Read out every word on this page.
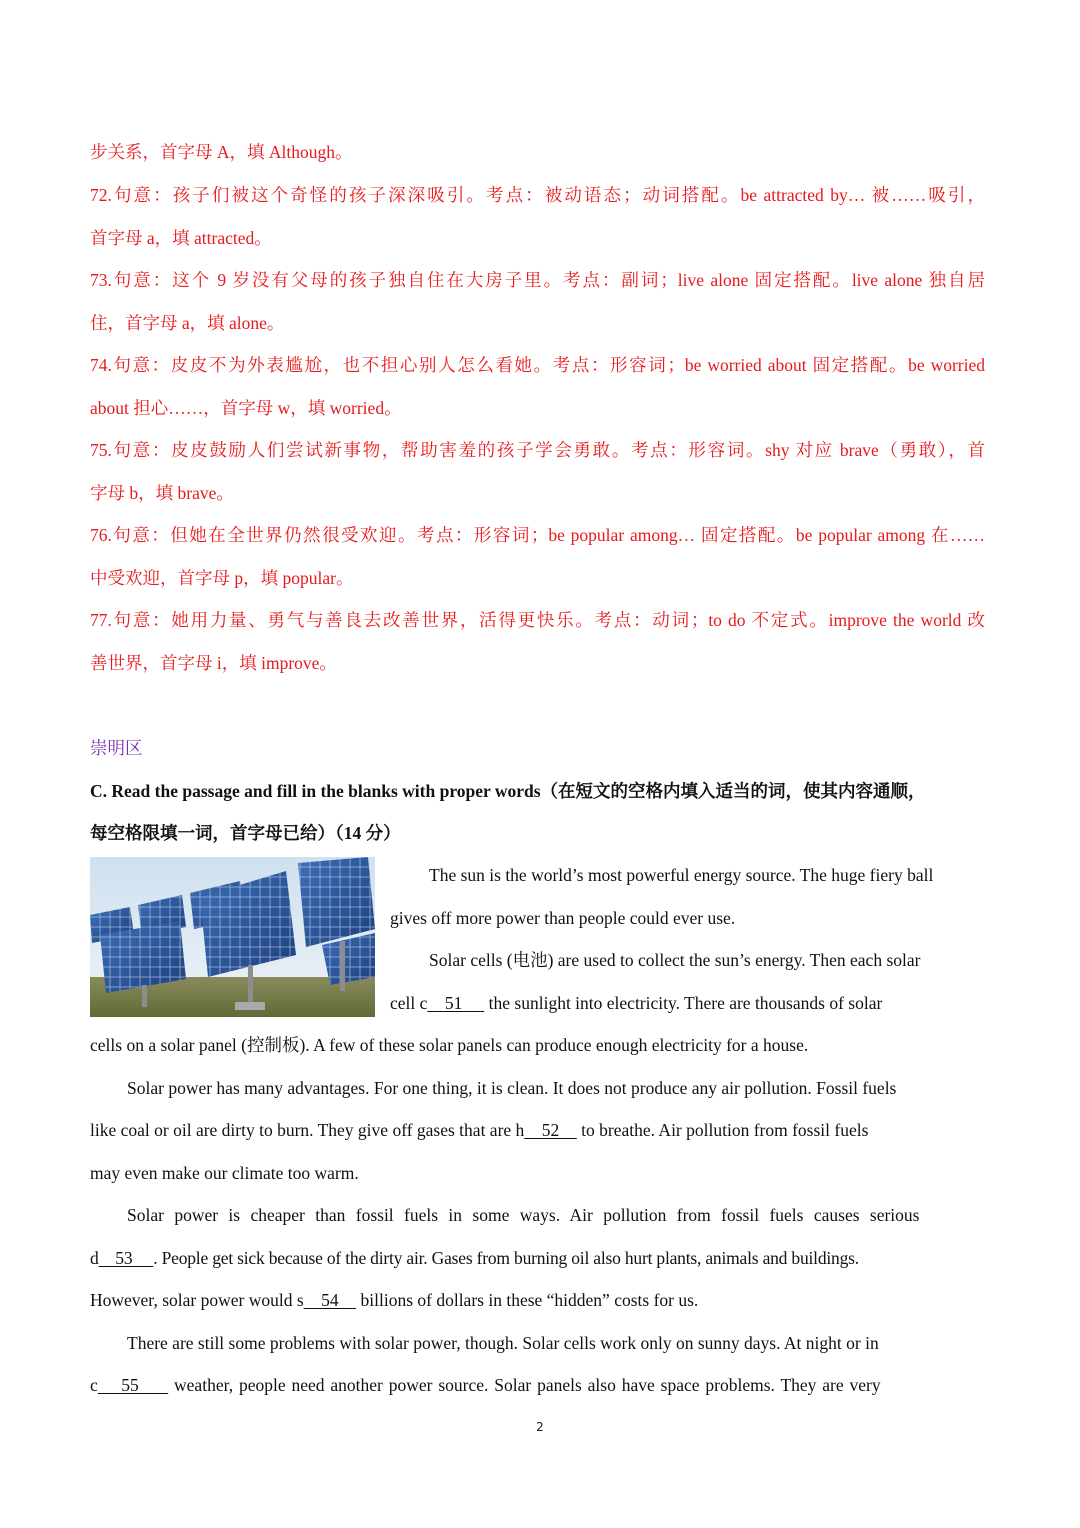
步关系，首字母 A，填 Although。

72.句意：孩子们被这个奇怪的孩子深深吸引。考点：被动语态；动词搭配。be attracted by… 被……吸引，

首字母 a，填 attracted。

73.句意：这个 9 岁没有父母的孩子独自住在大房子里。考点：副词；live alone 固定搭配。live alone 独自居

住，首字母 a，填 alone。

74.句意：皮皮不为外表尴尬，也不担心别人怎么看她。考点：形容词；be worried about 固定搭配。be worried

about 担心……，首字母 w，填 worried。

75.句意：皮皮鼓励人们尝试新事物，帮助害羞的孩子学会勇敢。考点：形容词。shy 对应 brave（勇敢），首

字母 b，填 brave。

76.句意：但她在全世界仍然很受欢迎。考点：形容词；be popular among… 固定搭配。be popular among 在……

中受欢迎，首字母 p，填 popular。

77.句意：她用力量、勇气与善良去改善世界，活得更快乐。考点：动词；to do 不定式。improve the world 改

善世界，首字母 i，填 improve。

崇明区
C. Read the passage and fill in the blanks with proper words（在短文的空格内填入适当的词，使其内容通顺，
每空格限填一词，首字母已给）（14 分）
The sun is the world’s most powerful energy source. The huge fiery ball
gives off more power than people could ever use.
Solar cells (电池) are used to collect the sun’s energy. Then each solar
cell c    51      the sunlight into electricity. There are thousands of solar
cells on a solar panel (控制板). A few of these solar panels can produce enough electricity for a house.
Solar power has many advantages. For one thing, it is clean. It does not produce any air pollution. Fossil fuels
like coal or oil are dirty to burn. They give off gases that are h    52     to breathe. Air pollution from fossil fuels
may even make our climate too warm.
Solar power is cheaper than fossil fuels in some ways. Air pollution from fossil fuels causes serious
d    53     . People get sick because of the dirty air. Gases from burning oil also hurt plants, animals and buildings.
However, solar power would s    54     billions of dollars in these “hidden” costs for us.
There are still some problems with solar power, though. Solar cells work only on sunny days. At night or in
c    55      weather, people need another power source. Solar panels also have space problems. They are very
2
